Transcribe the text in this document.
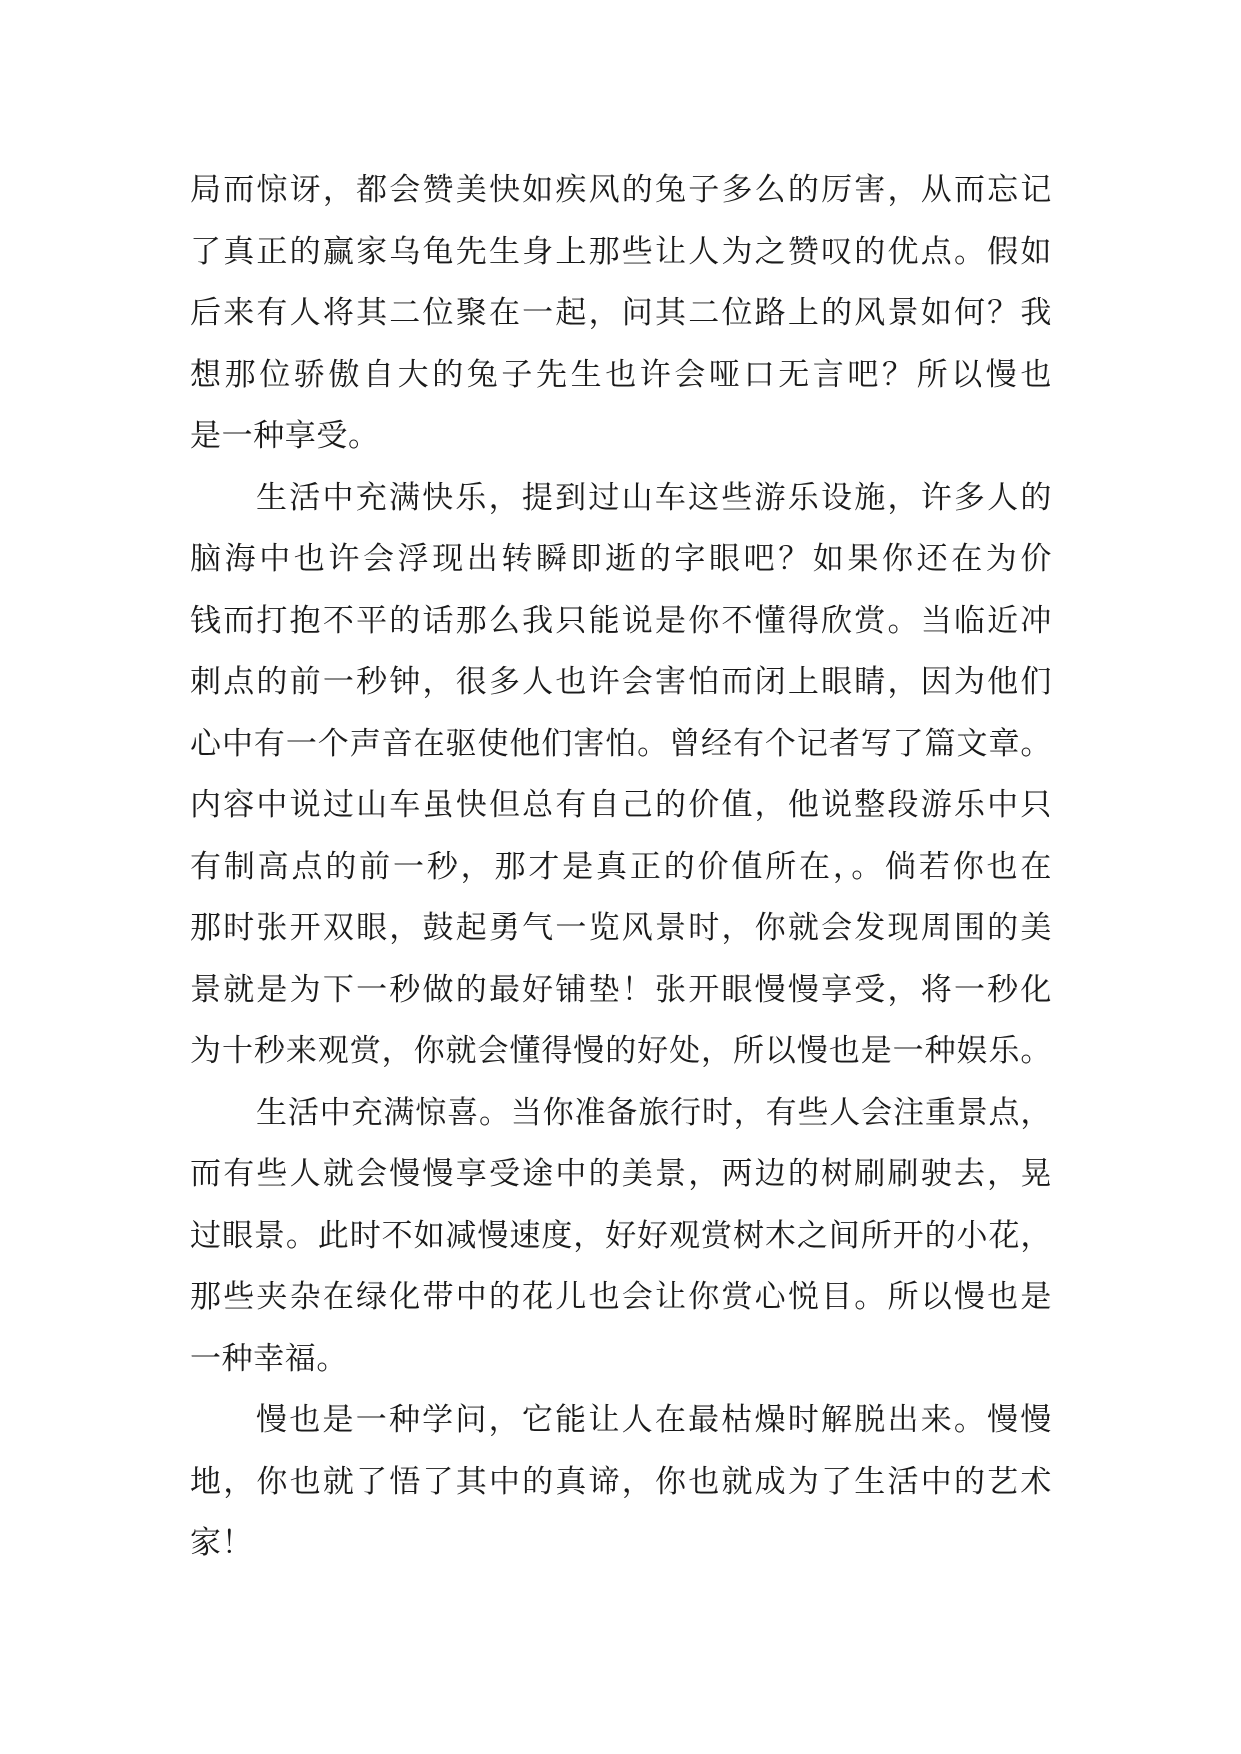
局而惊讶，都会赞美快如疾风的兔子多么的厉害，从而忘记
了真正的赢家乌龟先生身上那些让人为之赞叹的优点。假如
后来有人将其二位聚在一起，问其二位路上的风景如何？我
想那位骄傲自大的兔子先生也许会哑口无言吧？所以慢也
是一种享受。
生活中充满快乐，提到过山车这些游乐设施，许多人的
脑海中也许会浮现出转瞬即逝的字眼吧？如果你还在为价
钱而打抱不平的话那么我只能说是你不懂得欣赏。当临近冲
刺点的前一秒钟，很多人也许会害怕而闭上眼睛，因为他们
心中有一个声音在驱使他们害怕。曾经有个记者写了篇文章。
内容中说过山车虽快但总有自己的价值，他说整段游乐中只
有制高点的前一秒，那才是真正的价值所在，。倘若你也在
那时张开双眼，鼓起勇气一览风景时，你就会发现周围的美
景就是为下一秒做的最好铺垫！张开眼慢慢享受，将一秒化
为十秒来观赏，你就会懂得慢的好处，所以慢也是一种娱乐。
生活中充满惊喜。当你准备旅行时，有些人会注重景点，
而有些人就会慢慢享受途中的美景，两边的树刷刷驶去，晃
过眼景。此时不如减慢速度，好好观赏树木之间所开的小花，
那些夹杂在绿化带中的花儿也会让你赏心悦目。所以慢也是
一种幸福。
慢也是一种学问，它能让人在最枯燥时解脱出来。慢慢
地，你也就了悟了其中的真谛，你也就成为了生活中的艺术
家！
